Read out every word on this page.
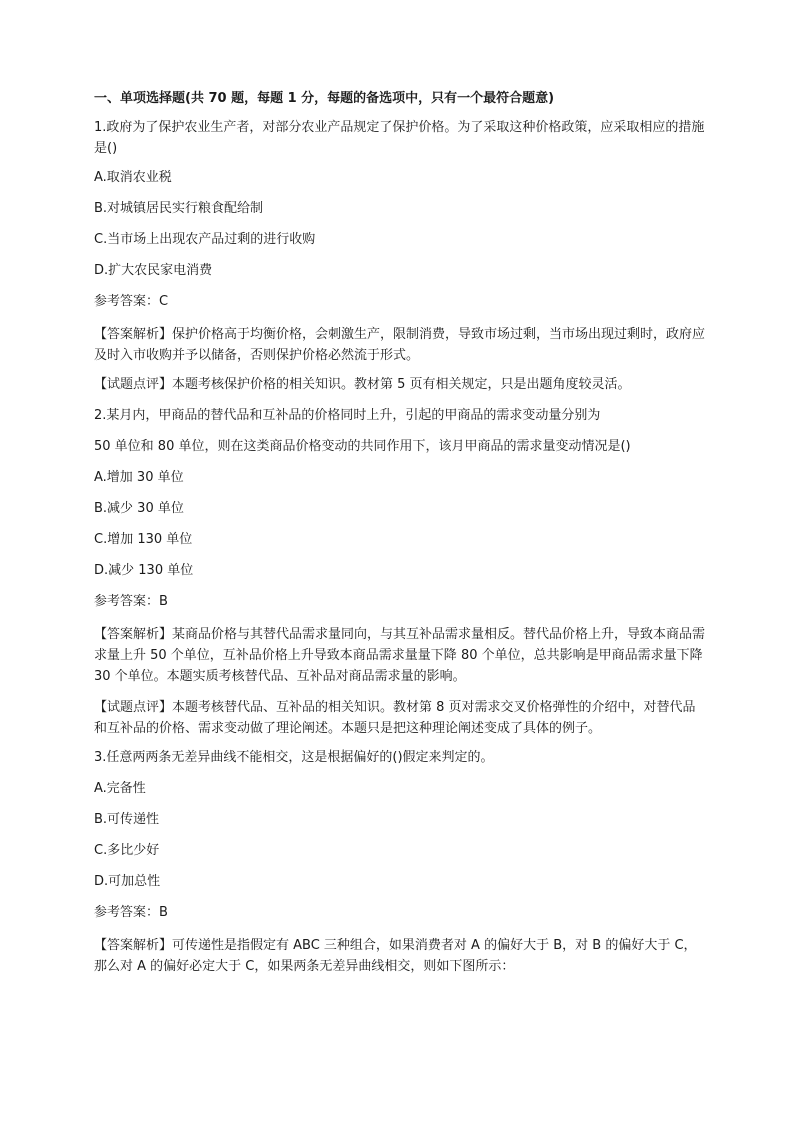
一、单项选择题(共 70 题，每题 1 分，每题的备选项中，只有一个最符合题意)
1.政府为了保护农业生产者，对部分农业产品规定了保护价格。为了采取这种价格政策，应采取相应的措施是()
A.取消农业税
B.对城镇居民实行粮食配给制
C.当市场上出现农产品过剩的进行收购
D.扩大农民家电消费
参考答案：C
【答案解析】保护价格高于均衡价格，会刺激生产，限制消费，导致市场过剩，当市场出现过剩时，政府应及时入市收购并予以储备，否则保护价格必然流于形式。
【试题点评】本题考核保护价格的相关知识。教材第 5 页有相关规定，只是出题角度较灵活。
2.某月内，甲商品的替代品和互补品的价格同时上升，引起的甲商品的需求变动量分别为
50 单位和 80 单位，则在这类商品价格变动的共同作用下，该月甲商品的需求量变动情况是()
A.增加 30 单位
B.减少 30 单位
C.增加 130 单位
D.减少 130 单位
参考答案：B
【答案解析】某商品价格与其替代品需求量同向，与其互补品需求量相反。替代品价格上升，导致本商品需求量上升 50 个单位，互补品价格上升导致本商品需求量量下降 80 个单位，总共影响是甲商品需求量下降 30 个单位。本题实质考核替代品、互补品对商品需求量的影响。
【试题点评】本题考核替代品、互补品的相关知识。教材第 8 页对需求交叉价格弹性的介绍中，对替代品和互补品的价格、需求变动做了理论阐述。本题只是把这种理论阐述变成了具体的例子。
3.任意两两条无差异曲线不能相交，这是根据偏好的()假定来判定的。
A.完备性
B.可传递性
C.多比少好
D.可加总性
参考答案：B
【答案解析】可传递性是指假定有 ABC 三种组合，如果消费者对 A 的偏好大于 B，对 B 的偏好大于 C，那么对 A 的偏好必定大于 C，如果两条无差异曲线相交，则如下图所示：
